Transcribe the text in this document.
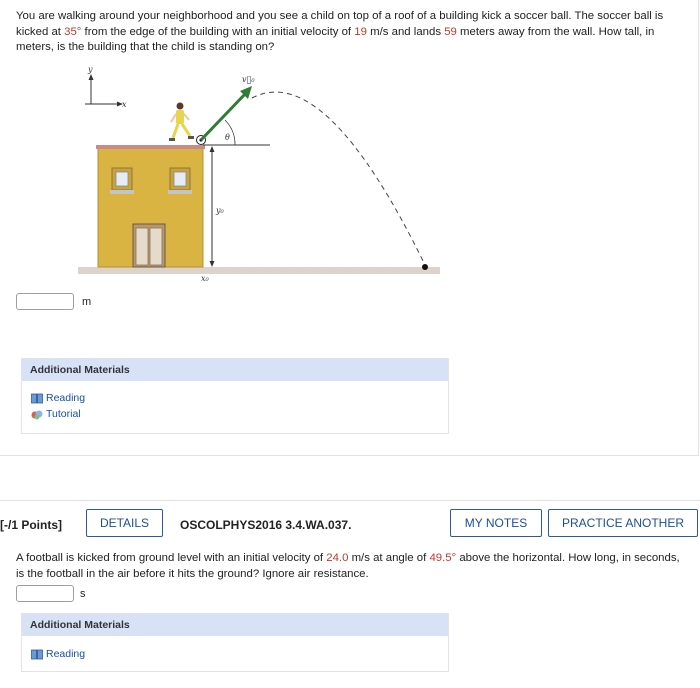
You are walking around your neighborhood and you see a child on top of a roof of a building kick a soccer ball. The soccer ball is kicked at 35° from the edge of the building with an initial velocity of 19 m/s and lands 59 meters away from the wall. How tall, in meters, is the building that the child is standing on?
y
x
v⃗₀
θ
y₀
x₀
m
Additional Materials
Reading
Tutorial
[-/1 Points]	DETAILS	OSCOLPHYS2016 3.4.WA.037.	MY NOTES	PRACTICE ANOTHER
A football is kicked from ground level with an initial velocity of 24.0 m/s at angle of 49.5° above the horizontal. How long, in seconds, is the football in the air before it hits the ground? Ignore air resistance.
s
Additional Materials
Reading
